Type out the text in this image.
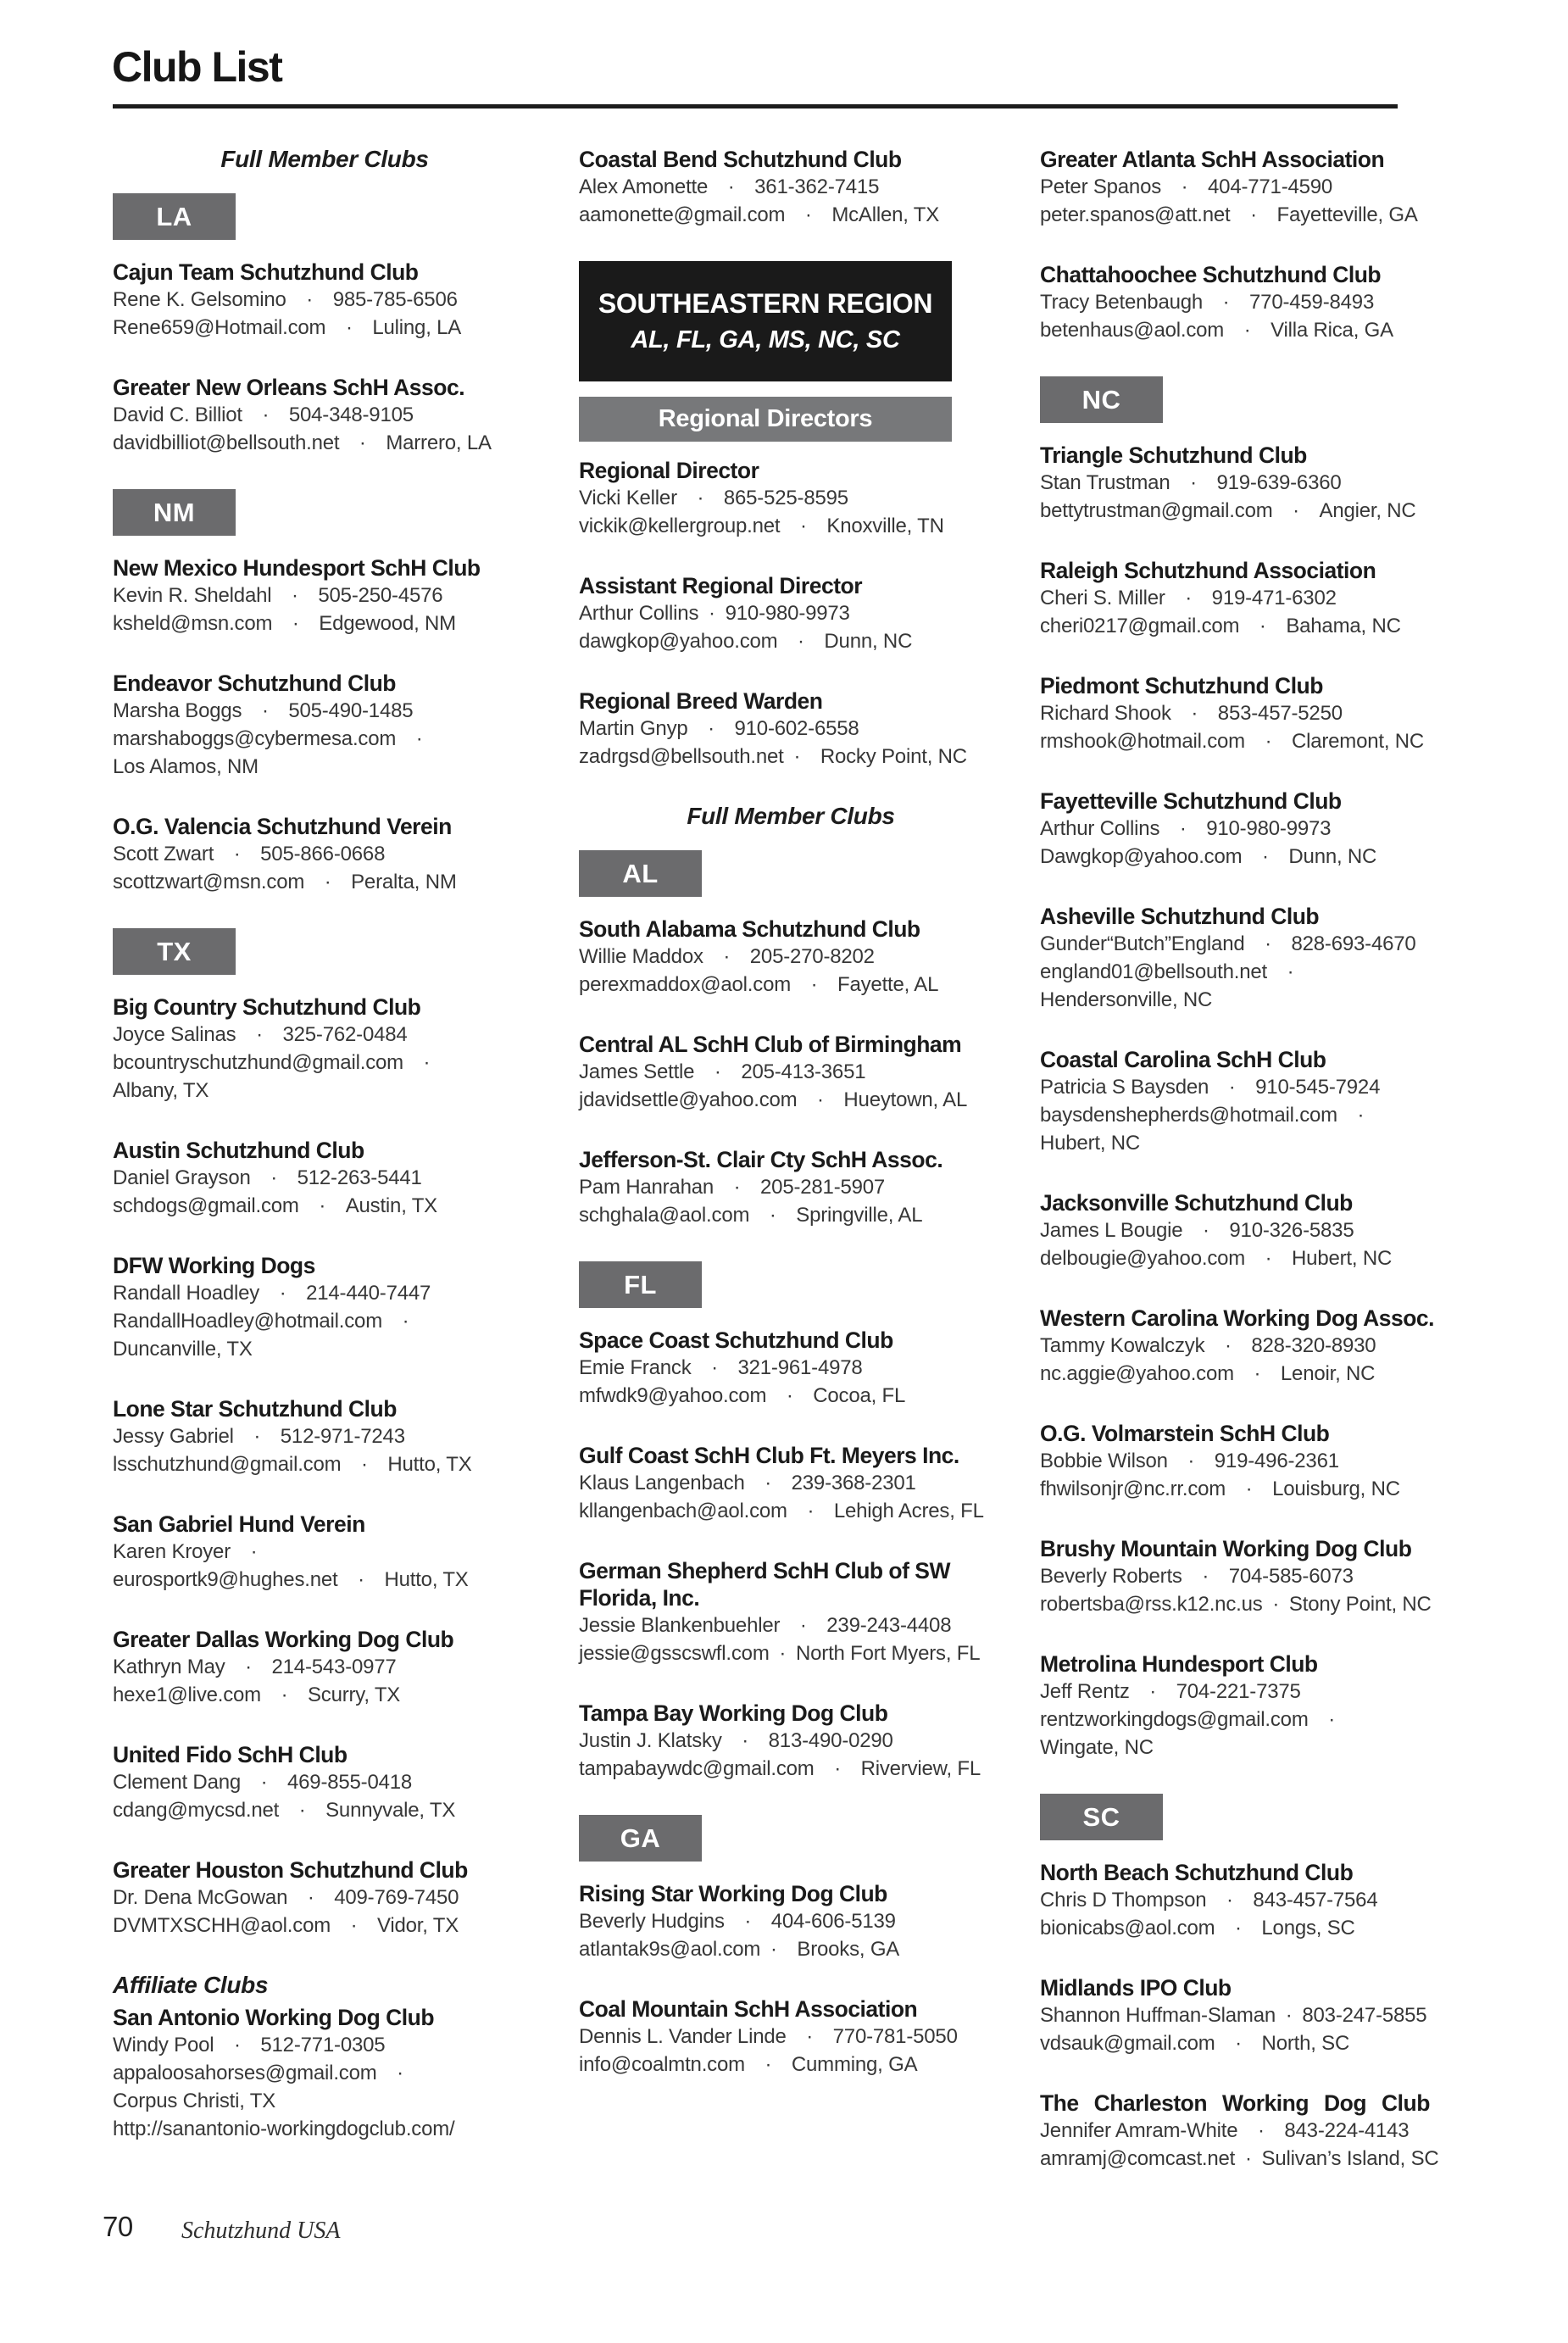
Club List
Full Member Clubs
LA
Cajun Team Schutzhund Club
Rene K. Gelsomino  ·  985-785-6506
Rene659@Hotmail.com  ·  Luling, LA
Greater New Orleans SchH Assoc.
David C. Billiot  ·  504-348-9105
davidbilliot@bellsouth.net  ·  Marrero, LA
NM
New Mexico Hundesport SchH Club
Kevin R. Sheldahl  ·  505-250-4576
ksheld@msn.com  ·  Edgewood, NM
Endeavor Schutzhund Club
Marsha Boggs  ·  505-490-1485
marshaboggs@cybermesa.com  ·
Los Alamos, NM
O.G. Valencia Schutzhund Verein
Scott Zwart  ·  505-866-0668
scottzwart@msn.com  ·  Peralta, NM
TX
Big Country Schutzhund Club
Joyce Salinas  ·  325-762-0484
bcountryschutzhund@gmail.com  ·
Albany, TX
Austin Schutzhund Club
Daniel Grayson  ·  512-263-5441
schdogs@gmail.com  ·  Austin, TX
DFW Working Dogs
Randall Hoadley  ·  214-440-7447
RandallHoadley@hotmail.com  ·
Duncanville, TX
Lone Star Schutzhund Club
Jessy Gabriel  ·  512-971-7243
lsschutzhund@gmail.com  ·  Hutto, TX
San Gabriel Hund Verein
Karen Kroyer  ·
eurosportk9@hughes.net  ·  Hutto, TX
Greater Dallas Working Dog Club
Kathryn May  ·  214-543-0977
hexe1@live.com  ·  Scurry, TX
United Fido SchH Club
Clement Dang  ·  469-855-0418
cdang@mycsd.net  ·  Sunnyvale, TX
Greater Houston Schutzhund Club
Dr. Dena McGowan  ·  409-769-7450
DVMTXSCHH@aol.com  ·  Vidor, TX
Affiliate Clubs
San Antonio Working Dog Club
Windy Pool  ·  512-771-0305
appaloosahorses@gmail.com  ·
Corpus Christi, TX
http://sanantonio-workingdogclub.com/
Coastal Bend Schutzhund Club
Alex Amonette  ·  361-362-7415
aamonette@gmail.com  ·  McAllen, TX
SOUTHEASTERN REGION
AL, FL, GA, MS, NC, SC
Regional Directors
Regional Director
Vicki Keller  ·  865-525-8595
vickik@kellergroup.net  ·  Knoxville, TN
Assistant Regional Director
Arthur Collins · 910-980-9973
dawgkop@yahoo.com  ·  Dunn, NC
Regional Breed Warden
Martin Gnyp  ·  910-602-6558
zadrgsd@bellsouth.net ·  Rocky Point, NC
Full Member Clubs
AL
South Alabama Schutzhund Club
Willie Maddox  ·  205-270-8202
perexmaddox@aol.com  ·  Fayette, AL
Central AL SchH Club of Birmingham
James Settle  ·  205-413-3651
jdavidsettle@yahoo.com  ·  Hueytown, AL
Jefferson-St. Clair Cty SchH Assoc.
Pam Hanrahan  ·  205-281-5907
schghala@aol.com  ·  Springville, AL
FL
Space Coast Schutzhund Club
Emie Franck  ·  321-961-4978
mfwdk9@yahoo.com  ·  Cocoa, FL
Gulf Coast SchH Club Ft. Meyers Inc.
Klaus Langenbach  ·  239-368-2301
kllangenbach@aol.com  ·  Lehigh Acres, FL
German Shepherd SchH Club of SW
Florida, Inc.
Jessie Blankenbuehler  ·  239-243-4408
jessie@gsscswfl.com · North Fort Myers, FL
Tampa Bay Working Dog Club
Justin J. Klatsky  ·  813-490-0290
tampabaywdc@gmail.com  ·  Riverview, FL
GA
Rising Star Working Dog Club
Beverly Hudgins  ·  404-606-5139
atlantak9s@aol.com ·  Brooks, GA
Coal Mountain SchH Association
Dennis L. Vander Linde  ·  770-781-5050
info@coalmtn.com  ·  Cumming, GA
Greater Atlanta SchH Association
Peter Spanos  ·  404-771-4590
peter.spanos@att.net  ·  Fayetteville, GA
Chattahoochee Schutzhund Club
Tracy Betenbaugh  ·  770-459-8493
betenhaus@aol.com  ·  Villa Rica, GA
NC
Triangle Schutzhund Club
Stan Trustman  ·  919-639-6360
bettytrustman@gmail.com  ·  Angier, NC
Raleigh Schutzhund Association
Cheri S. Miller  ·  919-471-6302
cheri0217@gmail.com  ·  Bahama, NC
Piedmont Schutzhund Club
Richard Shook  ·  853-457-5250
rmshook@hotmail.com  ·  Claremont, NC
Fayetteville Schutzhund Club
Arthur Collins  ·  910-980-9973
Dawgkop@yahoo.com  ·  Dunn, NC
Asheville Schutzhund Club
Gunder“Butch”England  ·  828-693-4670
england01@bellsouth.net  ·
Hendersonville, NC
Coastal Carolina SchH Club
Patricia S Baysden  ·  910-545-7924
baysdenshepherds@hotmail.com  ·
Hubert, NC
Jacksonville Schutzhund Club
James L Bougie  ·  910-326-5835
delbougie@yahoo.com  ·  Hubert, NC
Western Carolina Working Dog Assoc.
Tammy Kowalczyk  ·  828-320-8930
nc.aggie@yahoo.com  ·  Lenoir, NC
O.G. Volmarstein SchH Club
Bobbie Wilson  ·  919-496-2361
fhwilsonjr@nc.rr.com  ·  Louisburg, NC
Brushy Mountain Working Dog Club
Beverly Roberts  ·  704-585-6073
robertsba@rss.k12.nc.us · Stony Point, NC
Metrolina Hundesport Club
Jeff Rentz  ·  704-221-7375
rentzworkingdogs@gmail.com  ·
Wingate, NC
SC
North Beach Schutzhund Club
Chris D Thompson  ·  843-457-7564
bionicabs@aol.com  ·  Longs, SC
Midlands IPO Club
Shannon Huffman-Slaman · 803-247-5855
vdsauk@gmail.com  ·  North, SC
The Charleston Working Dog Club
Jennifer Amram-White  ·  843-224-4143
amramj@comcast.net · Sulivan’s Island, SC
70 Schutzhund USA
